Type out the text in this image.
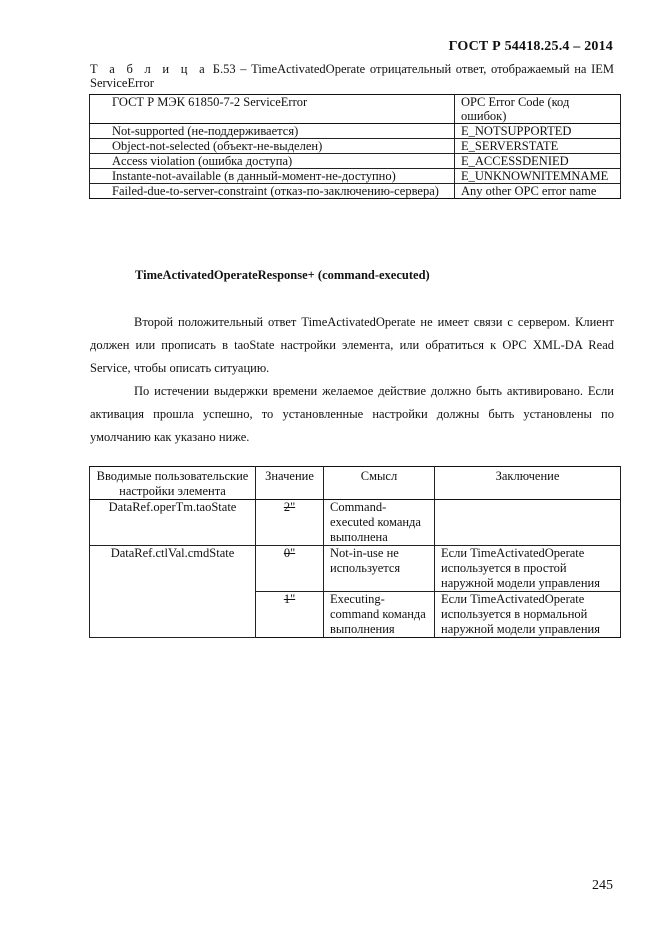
ГОСТ Р 54418.25.4 – 2014
Т а б л и ц а Б.53 – TimeActivatedOperate отрицательный ответ, отображаемый на IEM ServiceError
ГОСТ Р МЭК 61850-7-2 ServiceError	OPC Error Code (код ошибок)
Not-supported (не-поддерживается)	E_NOTSUPPORTED
Object-not-selected (объект-не-выделен)	E_SERVERSTATE
Access violation (ошибка доступа)	E_ACCESSDENIED
Instante-not-available (в данный-момент-не-доступно)	E_UNKNOWNITEMNAME
Failed-due-to-server-constraint (отказ-по-заключению-сервера)	Any other OPC error name
TimeActivatedOperateResponse+ (command-executed)
Второй положительный ответ TimeActivatedOperate не имеет связи с сервером. Клиент должен или прописать в taoState настройки элемента, или обратиться к OPC XML-DA Read Service, чтобы описать ситуацию.
По истечении выдержки времени желаемое действие должно быть активировано. Если активация прошла успешно, то установленные настройки должны быть установлены по умолчанию как указано ниже.
Вводимые пользовательские настройки элемента	Значение	Смысл	Заключение
DataRef.operTm.taoState	2"	Command-executed команда выполнена	
DataRef.ctlVal.cmdState	0"	Not-in-use не используется	Если TimeActivatedOperate используется в простой наружной модели управления
	1"	Executing-command команда выполнения	Если TimeActivatedOperate используется в нормальной наружной модели управления
245
